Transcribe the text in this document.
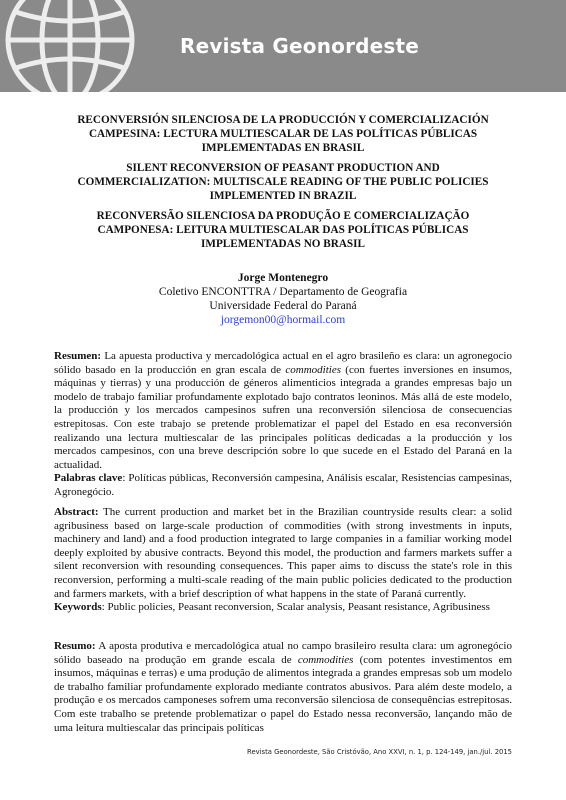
Revista Geonordeste

RECONVERSIÓN SILENCIOSA DE LA PRODUCCIÓN Y COMERCIALIZACIÓN CAMPESINA: LECTURA MULTIESCALAR DE LAS POLÍTICAS PÚBLICAS IMPLEMENTADAS EN BRASIL

SILENT RECONVERSION OF PEASANT PRODUCTION AND COMMERCIALIZATION: MULTISCALE READING OF THE PUBLIC POLICIES IMPLEMENTED IN BRAZIL

RECONVERSÃO SILENCIOSA DA PRODUÇÃO E COMERCIALIZAÇÃO CAMPONESA: LEITURA MULTIESCALAR DAS POLÍTICAS PÚBLICAS IMPLEMENTADAS NO BRASIL

Jorge Montenegro
Coletivo ENCONTTRA / Departamento de Geografia
Universidade Federal do Paraná
jorgemon00@hormail.com
Resumen: La apuesta productiva y mercadológica actual en el agro brasileño es clara: un agronegocio sólido basado en la producción en gran escala de commodities (con fuertes inversiones en insumos, máquinas y tierras) y una producción de géneros alimenticios integrada a grandes empresas bajo un modelo de trabajo familiar profundamente explotado bajo contratos leoninos. Más allá de este modelo, la producción y los mercados campesinos sufren una reconversión silenciosa de consecuencias estrepitosas. Con este trabajo se pretende problematizar el papel del Estado en esa reconversión realizando una lectura multiescalar de las principales políticas dedicadas a la producción y los mercados campesinos, con una breve descripción sobre lo que sucede en el Estado del Paraná en la actualidad.
Palabras clave: Políticas públicas, Reconversión campesina, Análisis escalar, Resistencias campesinas, Agronegócio.
Abstract: The current production and market bet in the Brazilian countryside results clear: a solid agribusiness based on large-scale production of commodities (with strong investments in inputs, machinery and land) and a food production integrated to large companies in a familiar working model deeply exploited by abusive contracts. Beyond this model, the production and farmers markets suffer a silent reconversion with resounding consequences. This paper aims to discuss the state's role in this reconversion, performing a multi-scale reading of the main public policies dedicated to the production and farmers markets, with a brief description of what happens in the state of Paraná currently.
Keywords: Public policies, Peasant reconversion, Scalar analysis, Peasant resistance, Agribusiness
Resumo: A aposta produtiva e mercadológica atual no campo brasileiro resulta clara: um agronegócio sólido baseado na produção em grande escala de commodities (com potentes investimentos em insumos, máquinas e terras) e uma produção de alimentos integrada a grandes empresas sob um modelo de trabalho familiar profundamente explorado mediante contratos abusivos. Para além deste modelo, a produção e os mercados camponeses sofrem uma reconversão silenciosa de consequências estrepitosas. Com este trabalho se pretende problematizar o papel do Estado nessa reconversão, lançando mão de uma leitura multiescalar das principais políticas
Revista Geonordeste, São Cristóvão, Ano XXVI, n. 1, p. 124-149, jan./jul. 2015
